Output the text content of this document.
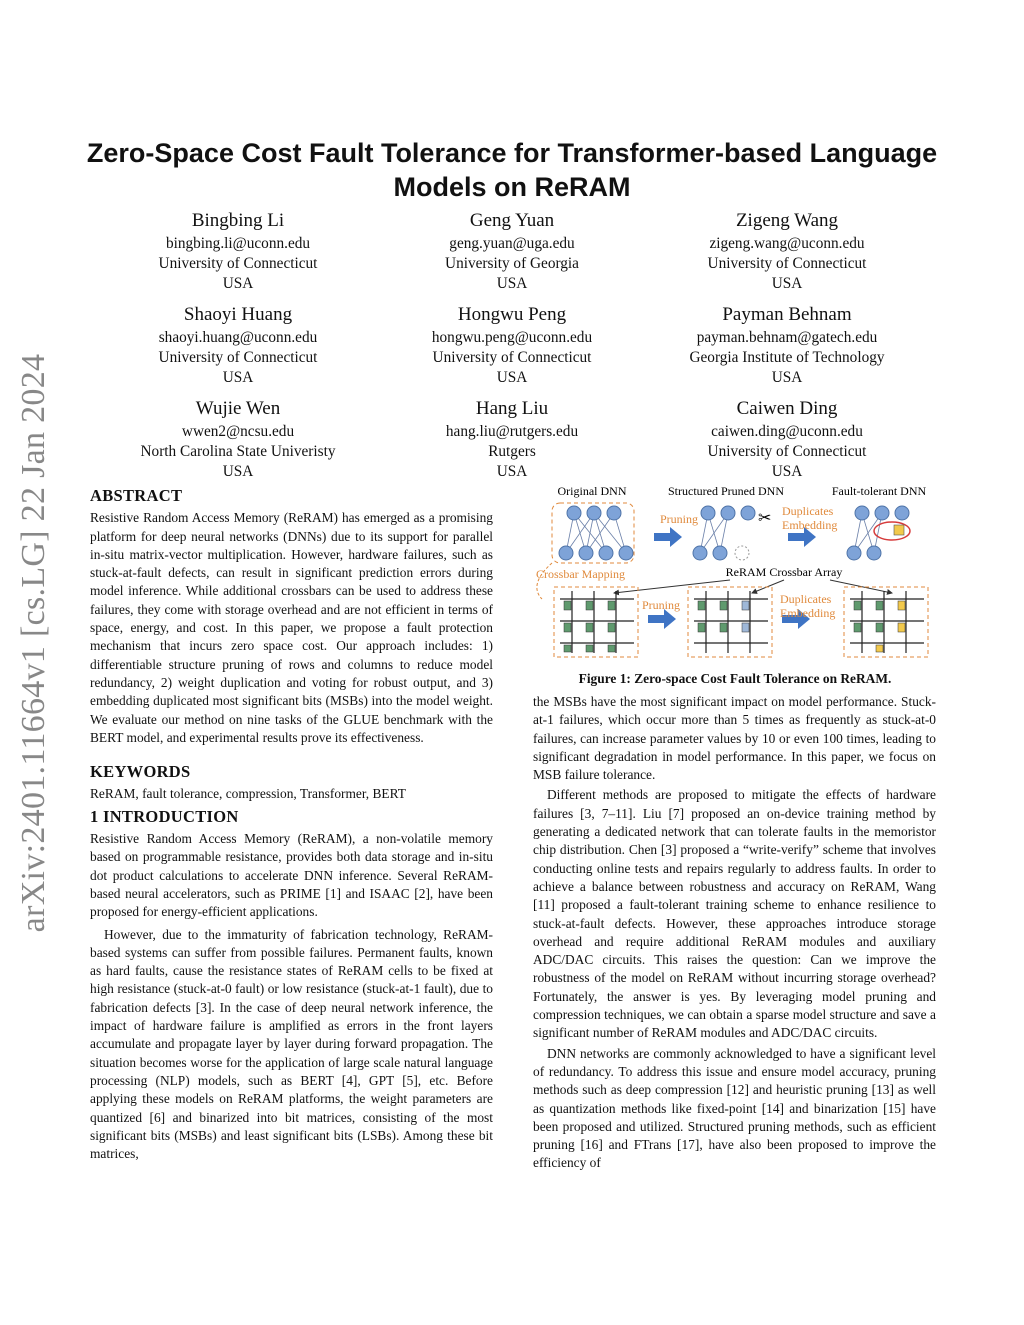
arXiv:2401.11664v1 [cs.LG] 22 Jan 2024
Zero-Space Cost Fault Tolerance for Transformer-based Language Models on ReRAM
Bingbing Li
bingbing.li@uconn.edu
University of Connecticut
USA
Geng Yuan
geng.yuan@uga.edu
University of Georgia
USA
Zigeng Wang
zigeng.wang@uconn.edu
University of Connecticut
USA
Shaoyi Huang
shaoyi.huang@uconn.edu
University of Connecticut
USA
Hongwu Peng
hongwu.peng@uconn.edu
University of Connecticut
USA
Payman Behnam
payman.behnam@gatech.edu
Georgia Institute of Technology
USA
Wujie Wen
wwen2@ncsu.edu
North Carolina State Univeristy
USA
Hang Liu
hang.liu@rutgers.edu
Rutgers
USA
Caiwen Ding
caiwen.ding@uconn.edu
University of Connecticut
USA
ABSTRACT

Resistive Random Access Memory (ReRAM) has emerged as a promising platform for deep neural networks (DNNs) due to its support for parallel in-situ matrix-vector multiplication. However, hardware failures, such as stuck-at-fault defects, can result in significant prediction errors during model inference. While additional crossbars can be used to address these failures, they come with storage overhead and are not efficient in terms of space, energy, and cost. In this paper, we propose a fault protection mechanism that incurs zero space cost. Our approach includes: 1) differentiable structure pruning of rows and columns to reduce model redundancy, 2) weight duplication and voting for robust output, and 3) embedding duplicated most significant bits (MSBs) into the model weight. We evaluate our method on nine tasks of the GLUE benchmark with the BERT model, and experimental results prove its effectiveness.

KEYWORDS

ReRAM, fault tolerance, compression, Transformer, BERT

1 INTRODUCTION

Resistive Random Access Memory (ReRAM), a non-volatile memory based on programmable resistance, provides both data storage and in-situ dot product calculations to accelerate DNN inference. Several ReRAM-based neural accelerators, such as PRIME [1] and ISAAC [2], have been proposed for energy-efficient applications.

However, due to the immaturity of fabrication technology, ReRAM-based systems can suffer from possible failures. Permanent faults, known as hard faults, cause the resistance states of ReRAM cells to be fixed at high resistance (stuck-at-0 fault) or low resistance (stuck-at-1 fault), due to fabrication defects [3]. In the case of deep neural network inference, the impact of hardware failure is amplified as errors in the front layers accumulate and propagate layer by layer during forward propagation. The situation becomes worse for the application of large scale natural language processing (NLP) models, such as BERT [4], GPT [5], etc. Before applying these models on ReRAM platforms, the weight parameters are quantized [6] and binarized into bit matrices, consisting of the most significant bits (MSBs) and least significant bits (LSBs). Among these bit matrices,

Original DNN	Structured Pruned DNN	Fault-tolerant DNN
Pruning	✂ Duplicates
Embedding
Crossbar Mapping	ReRAM Crossbar Array
Pruning	Duplicates
Embedding
Figure 1: Zero-space Cost Fault Tolerance on ReRAM.

the MSBs have the most significant impact on model performance. Stuck-at-1 failures, which occur more than 5 times as frequently as stuck-at-0 failures, can increase parameter values by 10 or even 100 times, leading to significant degradation in model performance. In this paper, we focus on MSB failure tolerance.

Different methods are proposed to mitigate the effects of hardware failures [3, 7–11]. Liu [7] proposed an on-device training method by generating a dedicated network that can tolerate faults in the memoristor chip distribution. Chen [3] proposed a “write-verify” scheme that involves conducting online tests and repairs regularly to address faults. In order to achieve a balance between robustness and accuracy on ReRAM, Wang [11] proposed a fault-tolerant training scheme to enhance resilience to stuck-at-fault defects. However, these approaches introduce storage overhead and require additional ReRAM modules and auxiliary ADC/DAC circuits. This raises the question: Can we improve the robustness of the model on ReRAM without incurring storage overhead? Fortunately, the answer is yes. By leveraging model pruning and compression techniques, we can obtain a sparse model structure and save a significant number of ReRAM modules and ADC/DAC circuits.

DNN networks are commonly acknowledged to have a significant level of redundancy. To address this issue and ensure model accuracy, pruning methods such as deep compression [12] and heuristic pruning [13] as well as quantization methods like fixed-point [14] and binarization [15] have been proposed and utilized. Structured pruning methods, such as efficient pruning [16] and FTrans [17], have also been proposed to improve the efficiency of
